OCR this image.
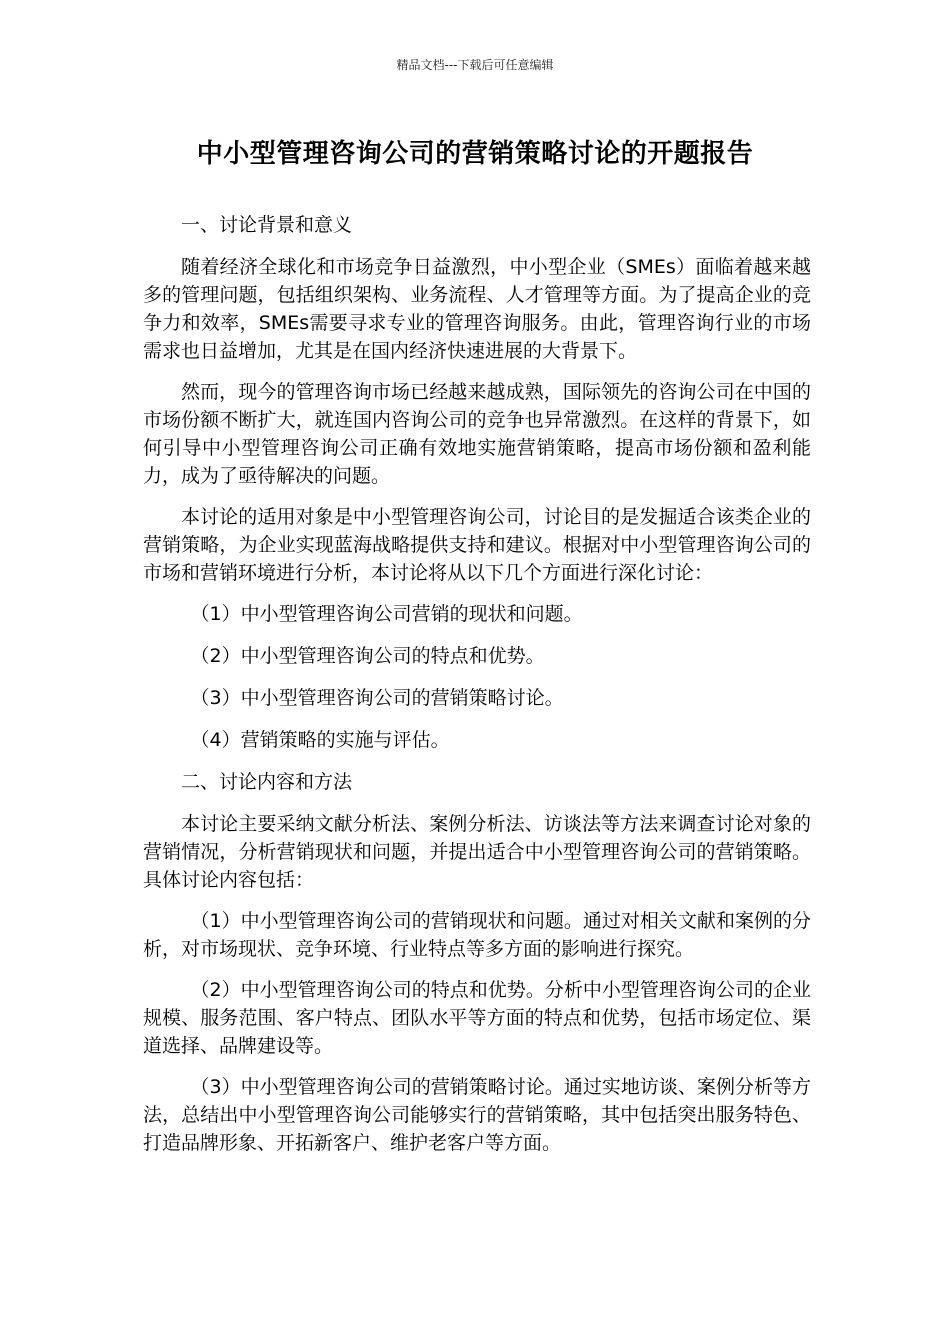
精品文档---下载后可任意编辑
中小型管理咨询公司的营销策略讨论的开题报告
一、讨论背景和意义
随着经济全球化和市场竞争日益激烈，中小型企业（SMEs）面临着越来越多的管理问题，包括组织架构、业务流程、人才管理等方面。为了提高企业的竞争力和效率，SMEs需要寻求专业的管理咨询服务。由此，管理咨询行业的市场需求也日益增加，尤其是在国内经济快速进展的大背景下。
然而，现今的管理咨询市场已经越来越成熟，国际领先的咨询公司在中国的市场份额不断扩大，就连国内咨询公司的竞争也异常激烈。在这样的背景下，如何引导中小型管理咨询公司正确有效地实施营销策略，提高市场份额和盈利能力，成为了亟待解决的问题。
本讨论的适用对象是中小型管理咨询公司，讨论目的是发掘适合该类企业的营销策略，为企业实现蓝海战略提供支持和建议。根据对中小型管理咨询公司的市场和营销环境进行分析，本讨论将从以下几个方面进行深化讨论：
（1）中小型管理咨询公司营销的现状和问题。
（2）中小型管理咨询公司的特点和优势。
（3）中小型管理咨询公司的营销策略讨论。
（4）营销策略的实施与评估。
二、讨论内容和方法
本讨论主要采纳文献分析法、案例分析法、访谈法等方法来调查讨论对象的营销情况，分析营销现状和问题，并提出适合中小型管理咨询公司的营销策略。具体讨论内容包括：
（1）中小型管理咨询公司的营销现状和问题。通过对相关文献和案例的分析，对市场现状、竞争环境、行业特点等多方面的影响进行探究。
（2）中小型管理咨询公司的特点和优势。分析中小型管理咨询公司的企业规模、服务范围、客户特点、团队水平等方面的特点和优势，包括市场定位、渠道选择、品牌建设等。
（3）中小型管理咨询公司的营销策略讨论。通过实地访谈、案例分析等方法，总结出中小型管理咨询公司能够实行的营销策略，其中包括突出服务特色、打造品牌形象、开拓新客户、维护老客户等方面。
